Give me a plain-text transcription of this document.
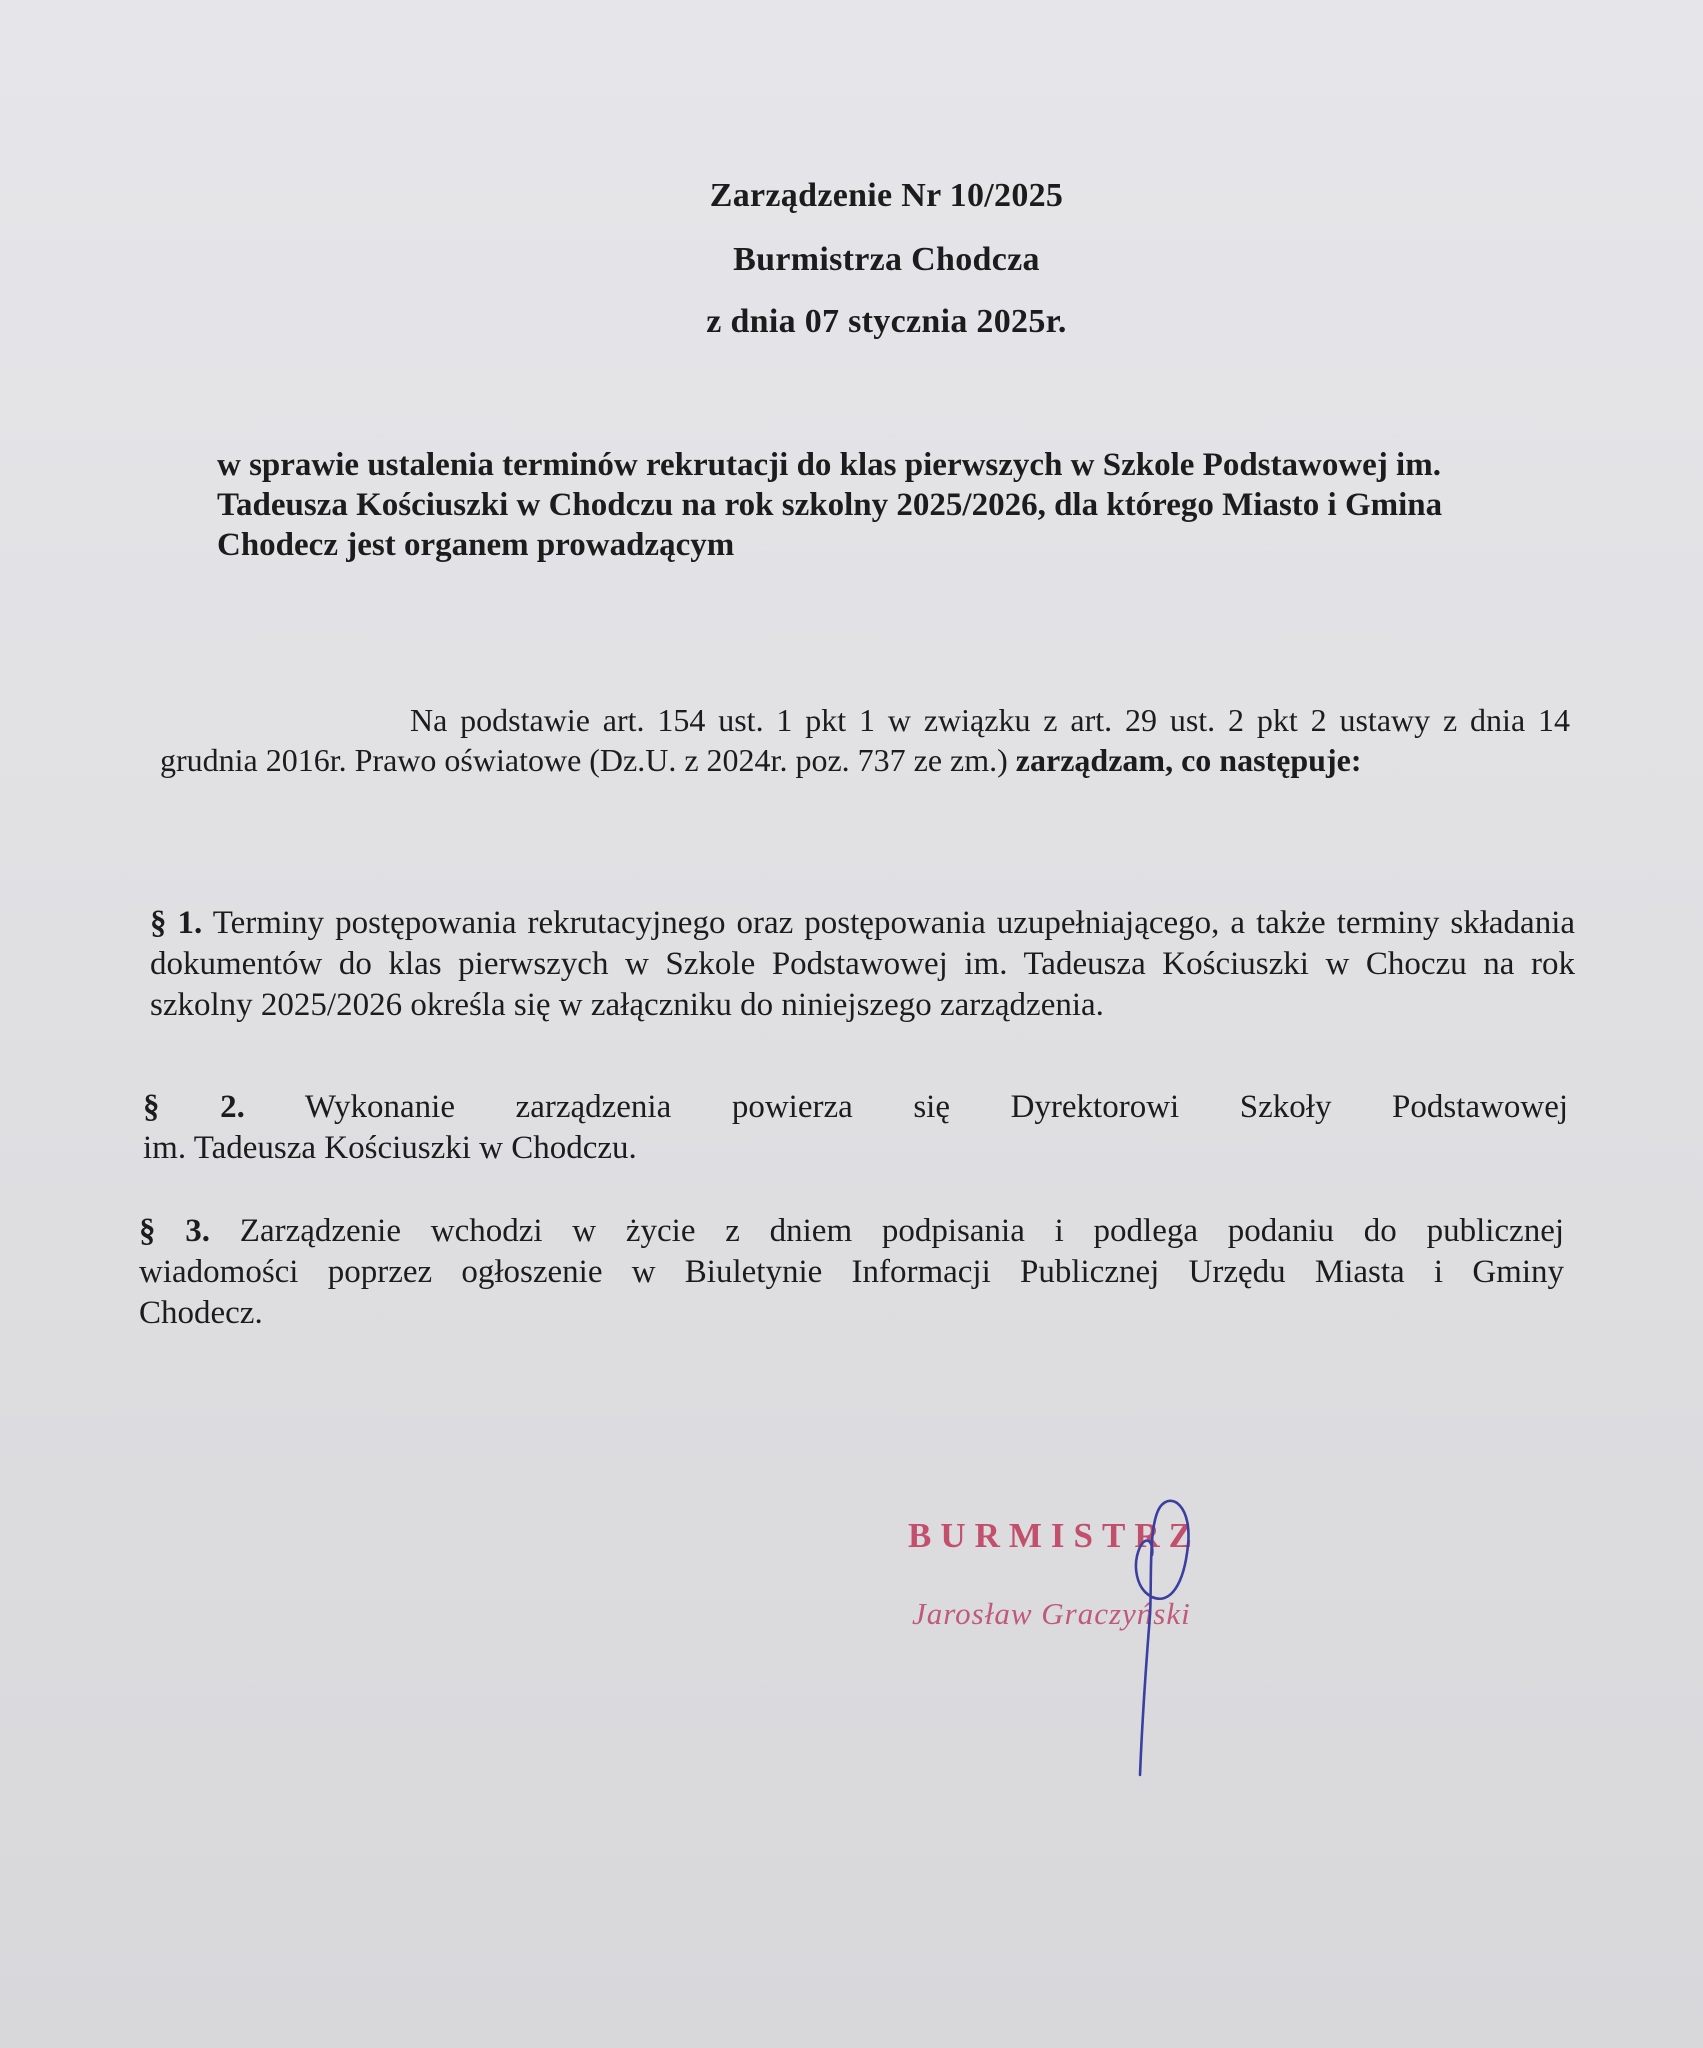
Zarządzenie Nr 10/2025
Burmistrza Chodcza
z dnia 07 stycznia 2025r.
w sprawie ustalenia terminów rekrutacji do klas pierwszych w Szkole Podstawowej im. Tadeusza Kościuszki w Chodczu na rok szkolny 2025/2026, dla którego Miasto i Gmina Chodecz jest organem prowadzącym
Na podstawie art. 154 ust. 1 pkt 1 w związku z art. 29 ust. 2 pkt 2 ustawy z dnia 14 grudnia 2016r. Prawo oświatowe (Dz.U. z 2024r. poz. 737 ze zm.) zarządzam, co następuje:
§ 1. Terminy postępowania rekrutacyjnego oraz postępowania uzupełniającego, a także terminy składania dokumentów do klas pierwszych w Szkole Podstawowej im. Tadeusza Kościuszki w Choczu na rok szkolny 2025/2026 określa się w załączniku do niniejszego zarządzenia.
§ 2. Wykonanie zarządzenia powierza się Dyrektorowi Szkoły Podstawowej im. Tadeusza Kościuszki w Chodczu.
§ 3. Zarządzenie wchodzi w życie z dniem podpisania i podlega podaniu do publicznej wiadomości poprzez ogłoszenie w Biuletynie Informacji Publicznej Urzędu Miasta i Gminy Chodecz.
BURMISTRZ
Jarosław Graczyński
